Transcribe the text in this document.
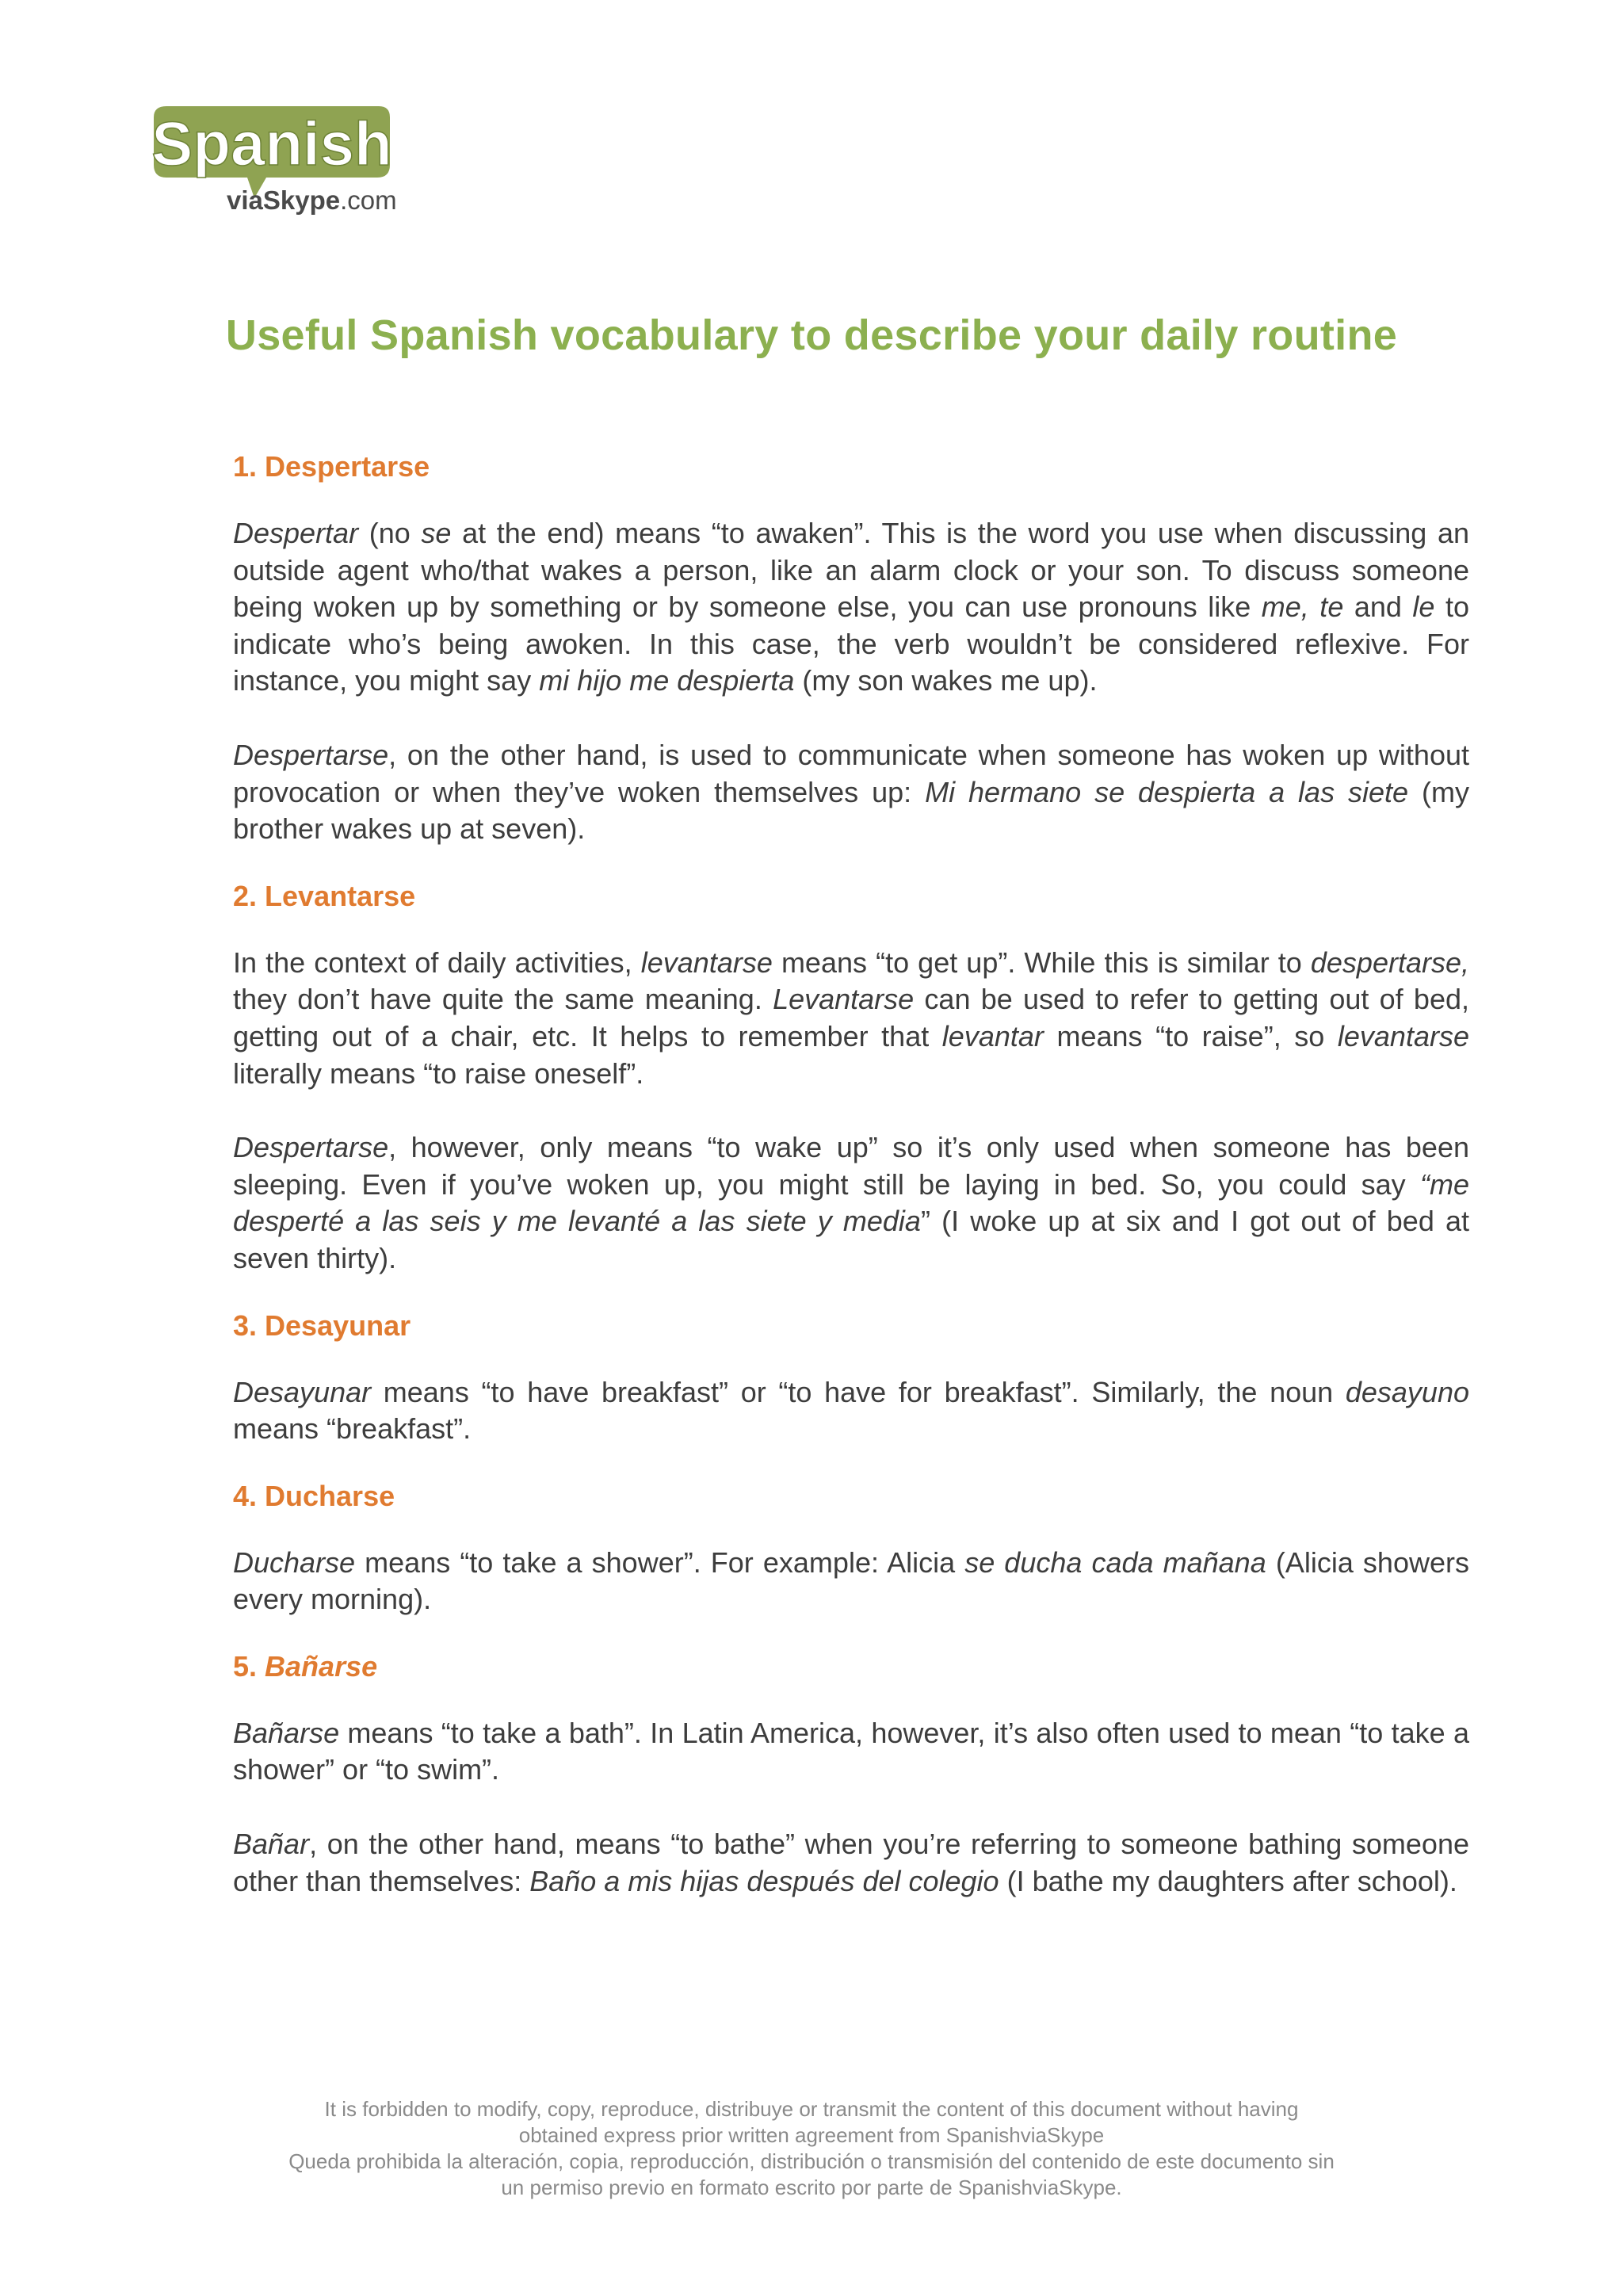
Spanish
viaSkype.com
Useful Spanish vocabulary to describe your daily routine
1. Despertarse

Despertar (no se at the end) means “to awaken”. This is the word you use when discussing an outside agent who/that wakes a person, like an alarm clock or your son. To discuss someone being woken up by something or by someone else, you can use pronouns like me, te and le to indicate who’s being awoken. In this case, the verb wouldn’t be considered reflexive. For instance, you might say mi hijo me despierta (my son wakes me up).

Despertarse, on the other hand, is used to communicate when someone has woken up without provocation or when they’ve woken themselves up: Mi hermano se despierta a las siete (my brother wakes up at seven).

2. Levantarse

In the context of daily activities, levantarse means “to get up”. While this is similar to despertarse, they don’t have quite the same meaning. Levantarse can be used to refer to getting out of bed, getting out of a chair, etc. It helps to remember that levantar means “to raise”, so levantarse literally means “to raise oneself”.

Despertarse, however, only means “to wake up” so it’s only used when someone has been sleeping. Even if you’ve woken up, you might still be laying in bed. So, you could say “me desperté a las seis y me levanté a las siete y media” (I woke up at six and I got out of bed at seven thirty).

3. Desayunar

Desayunar means “to have breakfast” or “to have for breakfast”. Similarly, the noun desayuno means “breakfast”.

4. Ducharse

Ducharse means “to take a shower”. For example: Alicia se ducha cada mañana (Alicia showers every morning).

5. Bañarse

Bañarse means “to take a bath”. In Latin America, however, it’s also often used to mean “to take a shower” or “to swim”.

Bañar, on the other hand, means “to bathe” when you’re referring to someone bathing someone other than themselves: Baño a mis hijas después del colegio (I bathe my daughters after school).

It is forbidden to modify, copy, reproduce, distribuye or transmit the content of this document without having
obtained express prior written agreement from SpanishviaSkype
Queda prohibida la alteración, copia, reproducción, distribución o transmisión del contenido de este documento sin
un permiso previo en formato escrito por parte de SpanishviaSkype.
